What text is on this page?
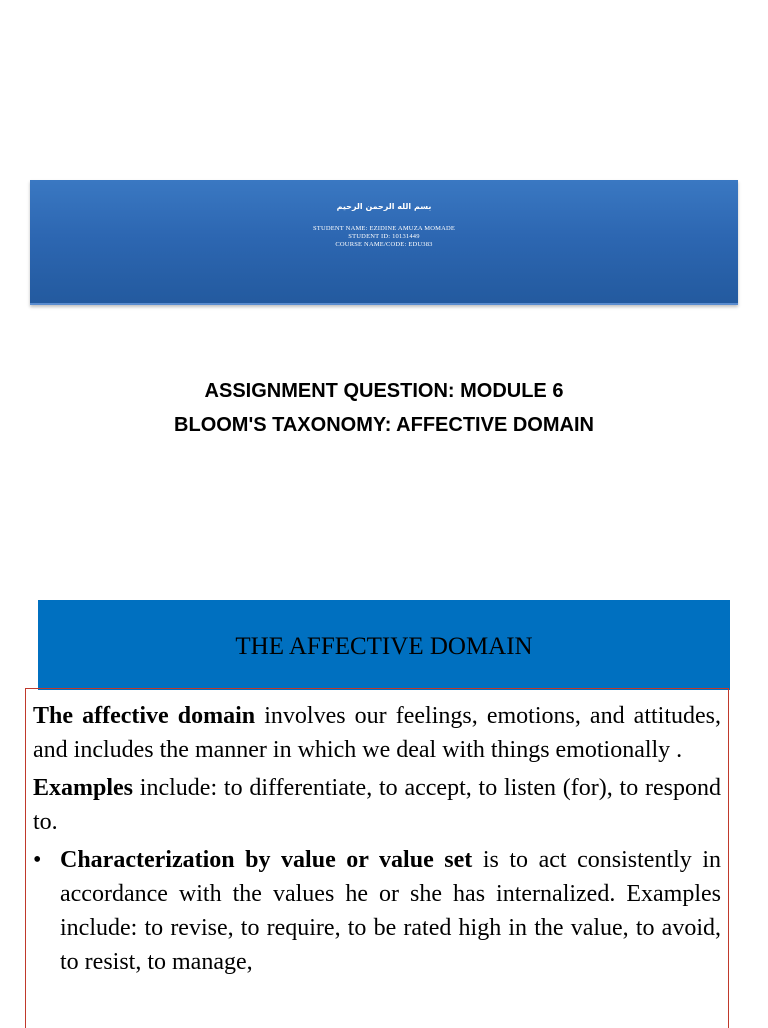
بسم الله الرحمن الرحيم
STUDENT NAME: EZIDINE AMUZA MOMADE
STUDENT ID: 10131449
COURSE NAME/CODE: EDU383
ASSIGNMENT QUESTION: MODULE 6
BLOOM'S TAXONOMY: AFFECTIVE DOMAIN
THE AFFECTIVE DOMAIN

The affective domain involves our feelings, emotions, and attitudes, and includes the manner in which we deal with things emotionally .

Examples include: to differentiate, to accept, to listen (for), to respond to.

• Characterization by value or value set is to act consistently in accordance with the values he or she has internalized. Examples include: to revise, to require, to be rated high in the value, to avoid, to resist, to manage,
